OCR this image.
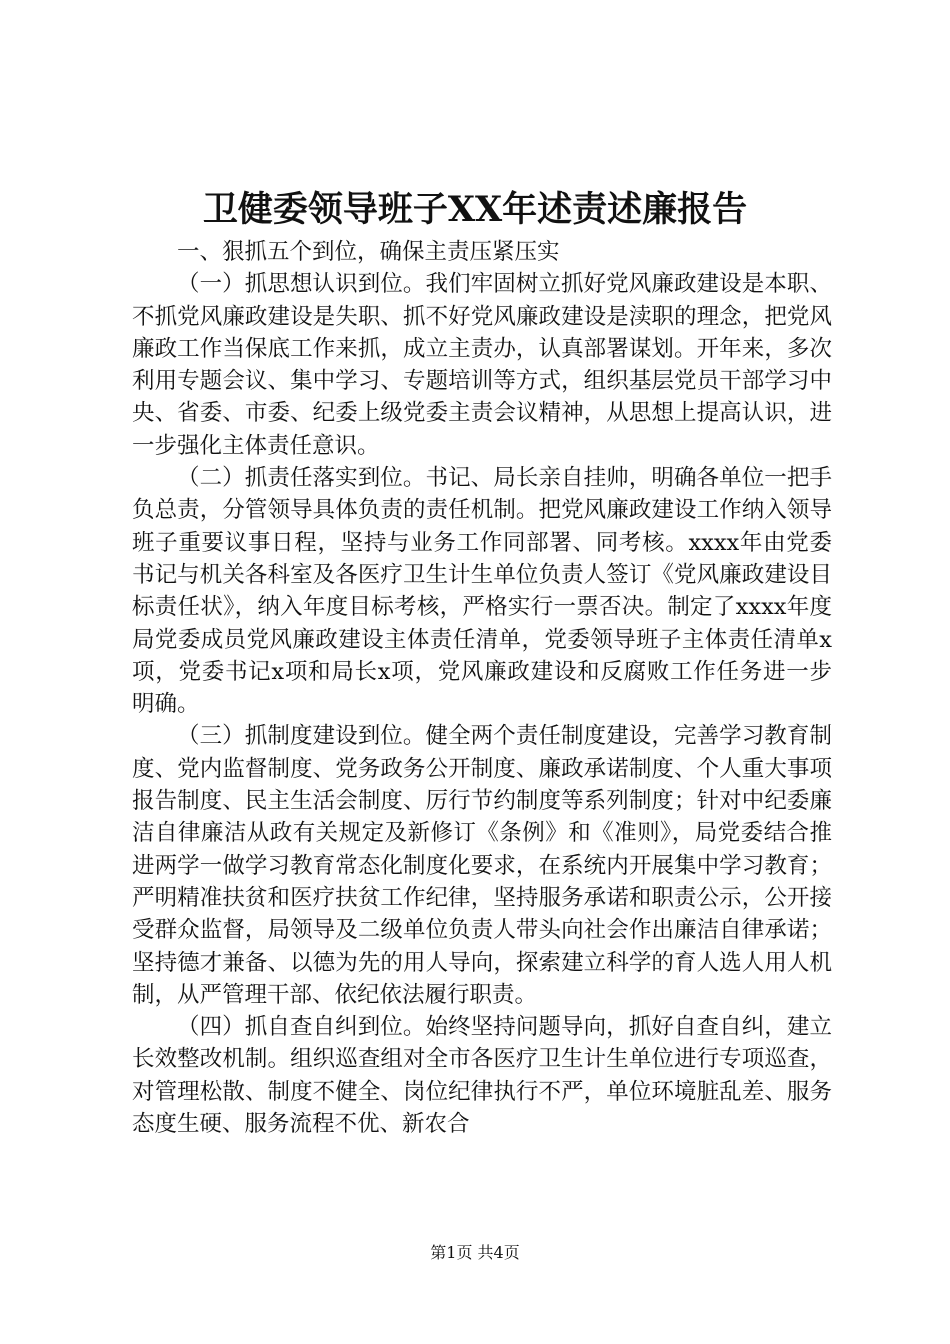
卫健委领导班子XX年述责述廉报告

一、狠抓五个到位，确保主责压紧压实

（一）抓思想认识到位。我们牢固树立抓好党风廉政建设是本职、不抓党风廉政建设是失职、抓不好党风廉政建设是渎职的理念，把党风廉政工作当保底工作来抓，成立主责办，认真部署谋划。开年来，多次利用专题会议、集中学习、专题培训等方式，组织基层党员干部学习中央、省委、市委、纪委上级党委主责会议精神，从思想上提高认识，进一步强化主体责任意识。

（二）抓责任落实到位。书记、局长亲自挂帅，明确各单位一把手负总责，分管领导具体负责的责任机制。把党风廉政建设工作纳入领导班子重要议事日程，坚持与业务工作同部署、同考核。xxxx年由党委书记与机关各科室及各医疗卫生计生单位负责人签订《党风廉政建设目标责任状》，纳入年度目标考核，严格实行一票否决。制定了xxxx年度局党委成员党风廉政建设主体责任清单，党委领导班子主体责任清单x项，党委书记x项和局长x项，党风廉政建设和反腐败工作任务进一步明确。

（三）抓制度建设到位。健全两个责任制度建设，完善学习教育制度、党内监督制度、党务政务公开制度、廉政承诺制度、个人重大事项报告制度、民主生活会制度、厉行节约制度等系列制度；针对中纪委廉洁自律廉洁从政有关规定及新修订《条例》和《准则》，局党委结合推进两学一做学习教育常态化制度化要求，在系统内开展集中学习教育；严明精准扶贫和医疗扶贫工作纪律，坚持服务承诺和职责公示，公开接受群众监督，局领导及二级单位负责人带头向社会作出廉洁自律承诺；坚持德才兼备、以德为先的用人导向，探索建立科学的育人选人用人机制，从严管理干部、依纪依法履行职责。

（四）抓自查自纠到位。始终坚持问题导向，抓好自查自纠，建立长效整改机制。组织巡查组对全市各医疗卫生计生单位进行专项巡查，对管理松散、制度不健全、岗位纪律执行不严，单位环境脏乱差、服务态度生硬、服务流程不优、新农合

第1页 共4页
